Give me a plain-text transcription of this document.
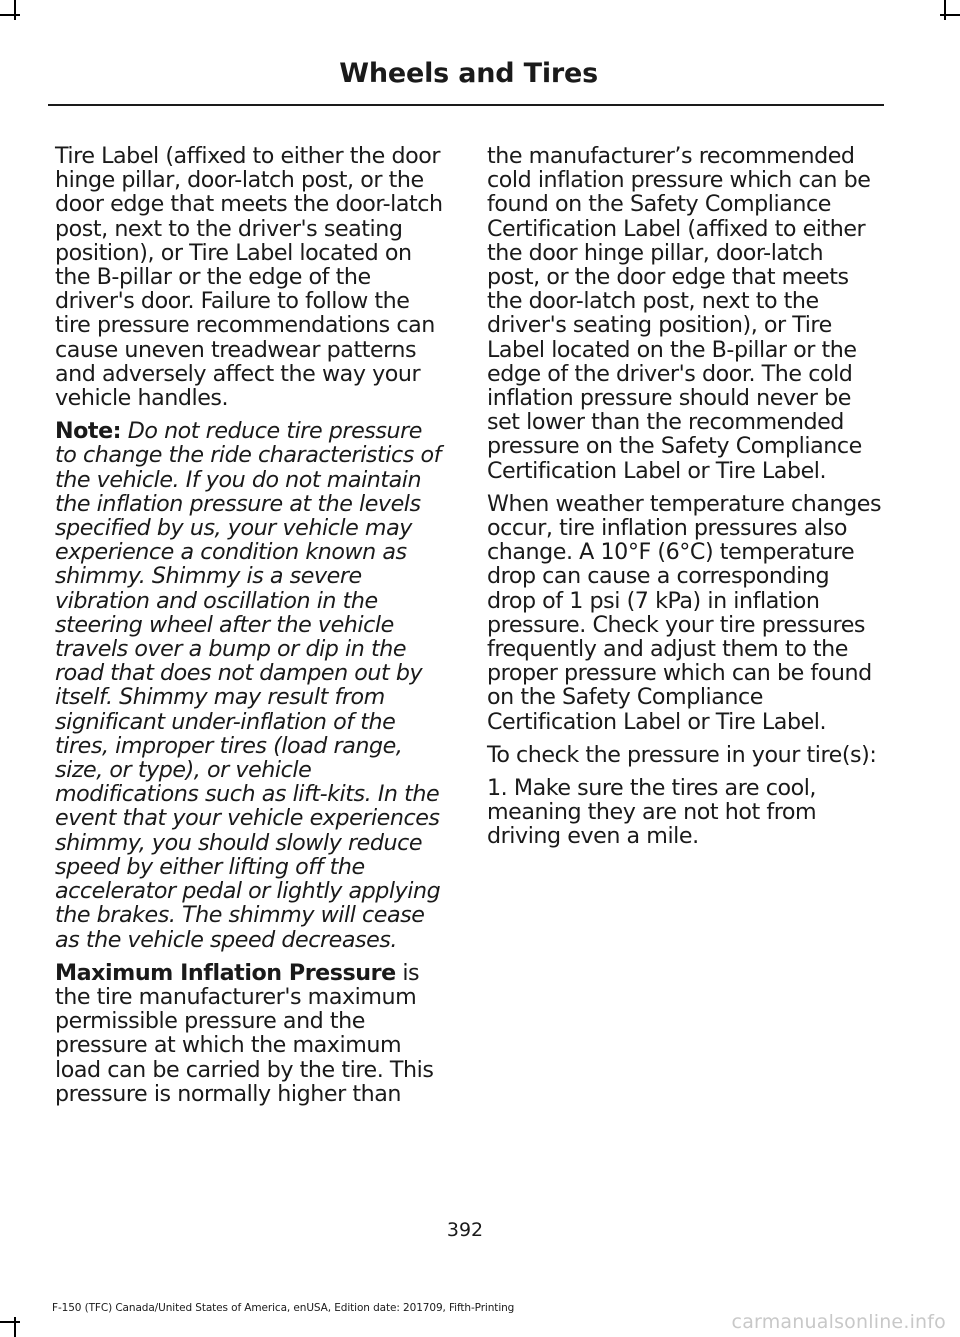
Wheels and Tires

Tire Label (affixed to either the door hinge pillar, door-latch post, or the door edge that meets the door-latch post, next to the driver's seating position), or Tire Label located on the B-pillar or the edge of the driver's door. Failure to follow the tire pressure recommendations can cause uneven treadwear patterns and adversely affect the way your vehicle handles.

Note: Do not reduce tire pressure to change the ride characteristics of the vehicle. If you do not maintain the inflation pressure at the levels specified by us, your vehicle may experience a condition known as shimmy. Shimmy is a severe vibration and oscillation in the steering wheel after the vehicle travels over a bump or dip in the road that does not dampen out by itself. Shimmy may result from significant under-inflation of the tires, improper tires (load range, size, or type), or vehicle modifications such as lift-kits. In the event that your vehicle experiences shimmy, you should slowly reduce speed by either lifting off the accelerator pedal or lightly applying the brakes. The shimmy will cease as the vehicle speed decreases.

Maximum Inflation Pressure is the tire manufacturer's maximum permissible pressure and the pressure at which the maximum load can be carried by the tire. This pressure is normally higher than

the manufacturer’s recommended cold inflation pressure which can be found on the Safety Compliance Certification Label (affixed to either the door hinge pillar, door-latch post, or the door edge that meets the door-latch post, next to the driver's seating position), or Tire Label located on the B-pillar or the edge of the driver's door. The cold inflation pressure should never be set lower than the recommended pressure on the Safety Compliance Certification Label or Tire Label.

When weather temperature changes occur, tire inflation pressures also change. A 10°F (6°C) temperature drop can cause a corresponding drop of 1 psi (7 kPa) in inflation pressure. Check your tire pressures frequently and adjust them to the proper pressure which can be found on the Safety Compliance Certification Label or Tire Label.

To check the pressure in your tire(s):

1. Make sure the tires are cool, meaning they are not hot from driving even a mile.

392
F-150 (TFC) Canada/United States of America, enUSA, Edition date: 201709, Fifth-Printing
carmanualsonline.info
